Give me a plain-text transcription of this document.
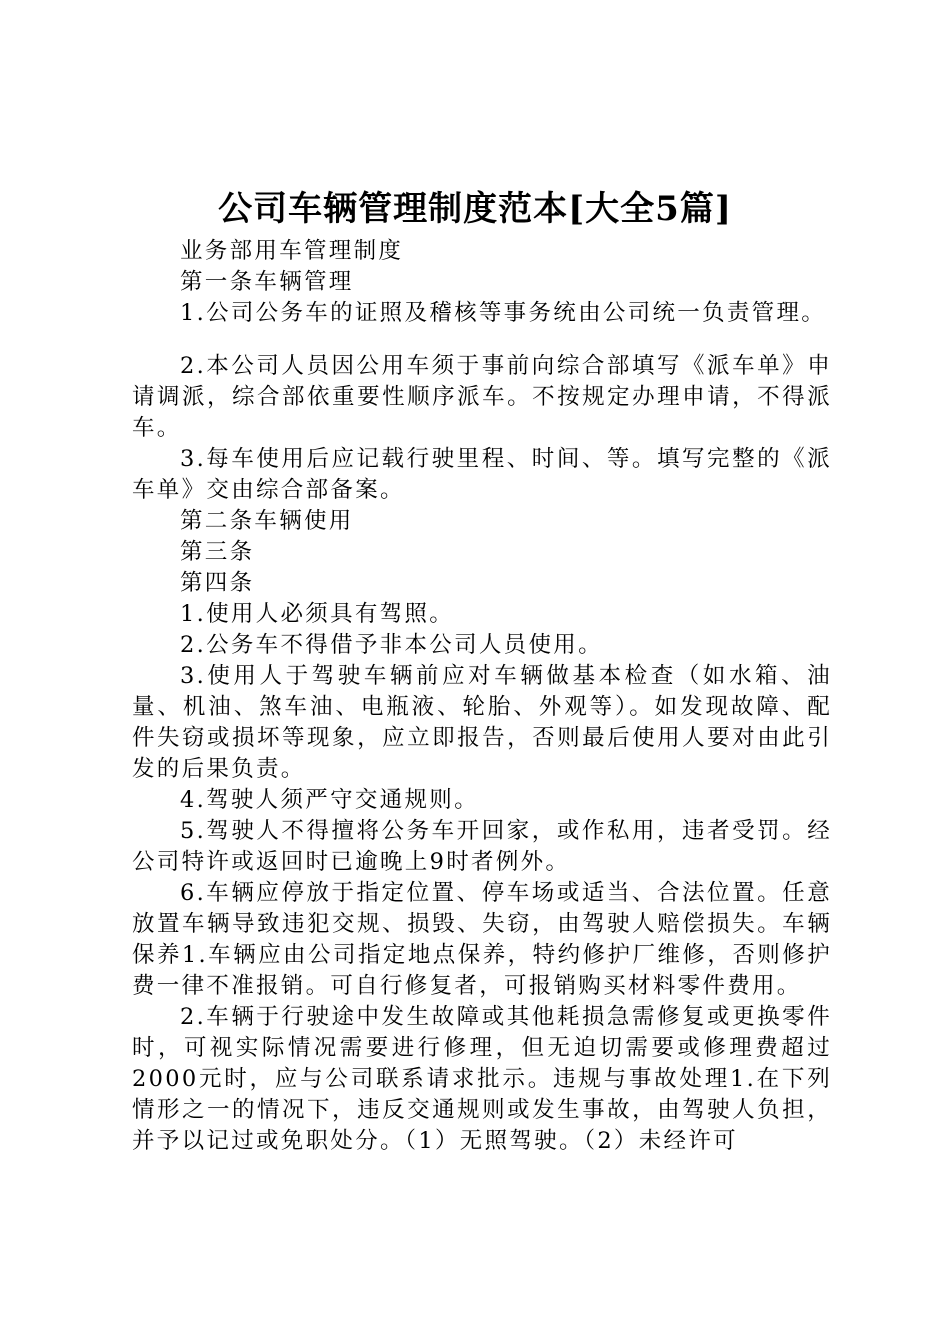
公司车辆管理制度范本[大全5篇]

业务部用车管理制度

第一条车辆管理

1.公司公务车的证照及稽核等事务统由公司统一负责管理。

2.本公司人员因公用车须于事前向综合部填写《派车单》申请调派，综合部依重要性顺序派车。不按规定办理申请，不得派车。

3.每车使用后应记载行驶里程、时间、等。填写完整的《派车单》交由综合部备案。

第二条车辆使用

第三条

第四条

1.使用人必须具有驾照。

2.公务车不得借予非本公司人员使用。

3.使用人于驾驶车辆前应对车辆做基本检查（如水箱、油量、机油、煞车油、电瓶液、轮胎、外观等）。如发现故障、配件失窃或损坏等现象，应立即报告，否则最后使用人要对由此引发的后果负责。

4.驾驶人须严守交通规则。

5.驾驶人不得擅将公务车开回家，或作私用，违者受罚。经公司特许或返回时已逾晚上9时者例外。

6.车辆应停放于指定位置、停车场或适当、合法位置。任意放置车辆导致违犯交规、损毁、失窃，由驾驶人赔偿损失。车辆保养1.车辆应由公司指定地点保养，特约修护厂维修，否则修护费一律不准报销。可自行修复者，可报销购买材料零件费用。

2.车辆于行驶途中发生故障或其他耗损急需修复或更换零件时，可视实际情况需要进行修理，但无迫切需要或修理费超过2000元时，应与公司联系请求批示。违规与事故处理1.在下列情形之一的情况下，违反交通规则或发生事故，由驾驶人负担，并予以记过或免职处分。（1）无照驾驶。（2）未经许可
